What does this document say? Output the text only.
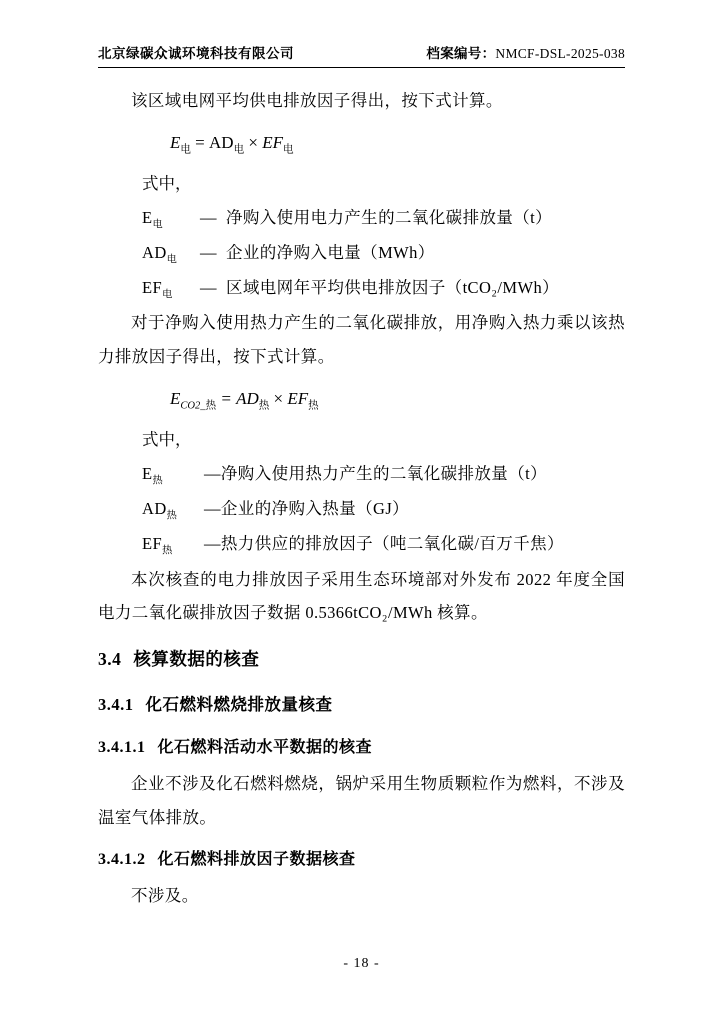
北京绿碳众诚环境科技有限公司	档案编号：NMCF-DSL-2025-038

该区域电网平均供电排放因子得出，按下式计算。

$E_电 = AD_电 \times EF_电$

式中，

$E_电$ — 净购入使用电力产生的二氧化碳排放量（t）

$AD_电$ — 企业的净购入电量（MWh）

$EF_电$ — 区域电网年平均供电排放因子（tCO₂/MWh）

对于净购入使用热力产生的二氧化碳排放，用净购入热力乘以该热力排放因子得出，按下式计算。

$E_{CO2\_热} = AD_热 \times EF_热$

式中，

$E_热$ —净购入使用热力产生的二氧化碳排放量（t）

$AD_热$ —企业的净购入热量（GJ）

$EF_热$ —热力供应的排放因子（吨二氧化碳/百万千焦）

本次核查的电力排放因子采用生态环境部对外发布 2022 年度全国电力二氧化碳排放因子数据 0.5366tCO₂/MWh 核算。

3.4 核算数据的核查
3.4.1 化石燃料燃烧排放量核查
3.4.1.1 化石燃料活动水平数据的核查

企业不涉及化石燃料燃烧，锅炉采用生物质颗粒作为燃料，不涉及温室气体排放。

3.4.1.2 化石燃料排放因子数据核查

不涉及。

- 18 -
